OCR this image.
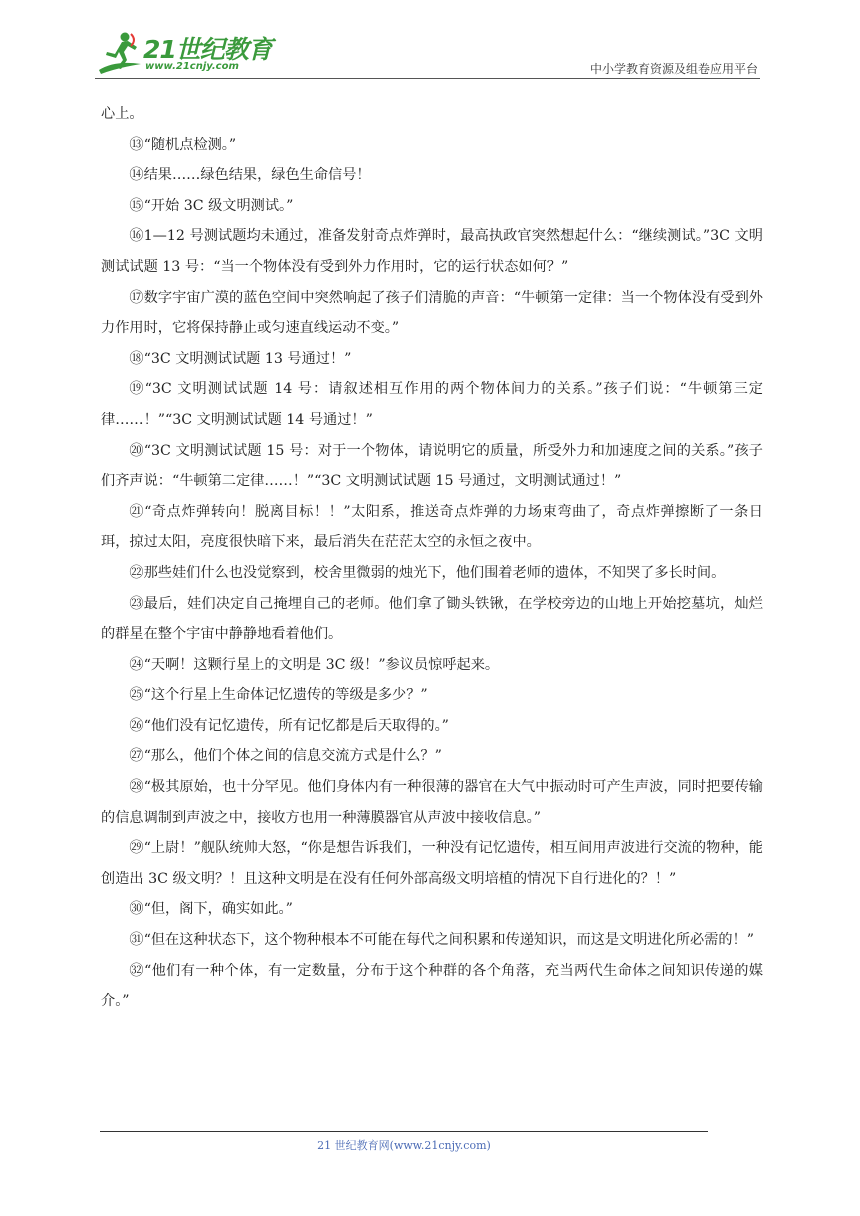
21世纪教育
www.21cnjy.com	中小学教育资源及组卷应用平台

心上。

⑬“随机点检测。”

⑭结果……绿色结果，绿色生命信号！

⑮“开始 3C 级文明测试。”

⑯1—12 号测试题均未通过，准备发射奇点炸弹时，最高执政官突然想起什么：“继续测试。”3C 文明测试试题 13 号：“当一个物体没有受到外力作用时，它的运行状态如何？”

⑰数字宇宙广漠的蓝色空间中突然响起了孩子们清脆的声音：“牛顿第一定律：当一个物体没有受到外力作用时，它将保持静止或匀速直线运动不变。”

⑱“3C 文明测试试题 13 号通过！”

⑲“3C 文明测试试题 14 号：请叙述相互作用的两个物体间力的关系。”孩子们说：“牛顿第三定律……！”“3C 文明测试试题 14 号通过！”

⑳“3C 文明测试试题 15 号：对于一个物体，请说明它的质量，所受外力和加速度之间的关系。”孩子们齐声说：“牛顿第二定律……！”“3C 文明测试试题 15 号通过，文明测试通过！”

㉑“奇点炸弹转向！脱离目标！！”太阳系，推送奇点炸弹的力场束弯曲了，奇点炸弹擦断了一条日珥，掠过太阳，亮度很快暗下来，最后消失在茫茫太空的永恒之夜中。

㉒那些娃们什么也没觉察到，校舍里微弱的烛光下，他们围着老师的遗体，不知哭了多长时间。

㉓最后，娃们决定自己掩埋自己的老师。他们拿了锄头铁锹，在学校旁边的山地上开始挖墓坑，灿烂的群星在整个宇宙中静静地看着他们。

㉔“天啊！这颗行星上的文明是 3C 级！”参议员惊呼起来。

㉕“这个行星上生命体记忆遗传的等级是多少？”

㉖“他们没有记忆遗传，所有记忆都是后天取得的。”

㉗“那么，他们个体之间的信息交流方式是什么？”

㉘“极其原始，也十分罕见。他们身体内有一种很薄的器官在大气中振动时可产生声波，同时把要传输的信息调制到声波之中，接收方也用一种薄膜器官从声波中接收信息。”

㉙“上尉！”舰队统帅大怒，“你是想告诉我们，一种没有记忆遗传，相互间用声波进行交流的物种，能创造出 3C 级文明？！且这种文明是在没有任何外部高级文明培植的情况下自行进化的？！”

㉚“但，阁下，确实如此。”

㉛“但在这种状态下，这个物种根本不可能在每代之间积累和传递知识，而这是文明进化所必需的！”

㉜“他们有一种个体，有一定数量，分布于这个种群的各个角落，充当两代生命体之间知识传递的媒介。”

21 世纪教育网(www.21cnjy.com)
